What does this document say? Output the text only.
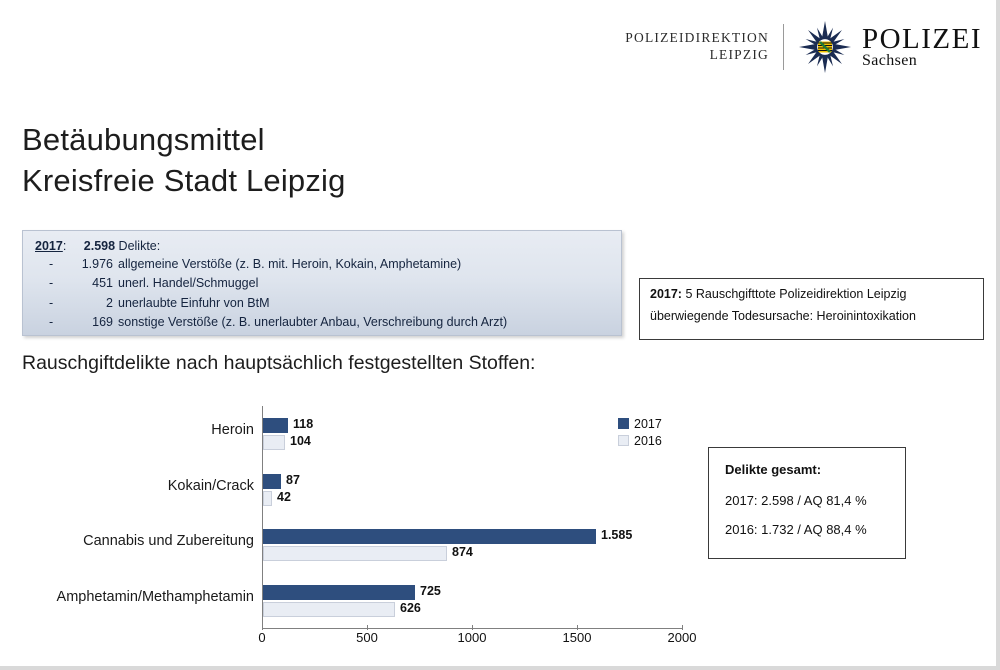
POLIZEIDIREKTION
LEIPZIG	POLIZEI
Sachsen
Betäubungsmittel
Kreisfreie Stadt Leipzig
2017: 2.598 Delikte:
-	1.976 allgemeine Verstöße (z. B. mit. Heroin, Kokain, Amphetamine)
-	451 unerl. Handel/Schmuggel
-	2 unerlaubte Einfuhr von BtM
-	169 sonstige Verstöße (z. B. unerlaubter Anbau, Verschreibung durch Arzt)
2017: 5 Rauschgifttote Polizeidirektion Leipzig
überwiegende Todesursache: Heroinintoxikation
Rauschgiftdelikte nach hauptsächlich festgestellten Stoffen:
Heroin	118
104
Kokain/Crack	87
42
Cannabis und Zubereitung	1.585
874
Amphetamin/Methamphetamin	725
626
0	500	1000	1500	2000
2017
2016
Delikte gesamt:
2017: 2.598 / AQ 81,4 %
2016: 1.732 / AQ 88,4 %
